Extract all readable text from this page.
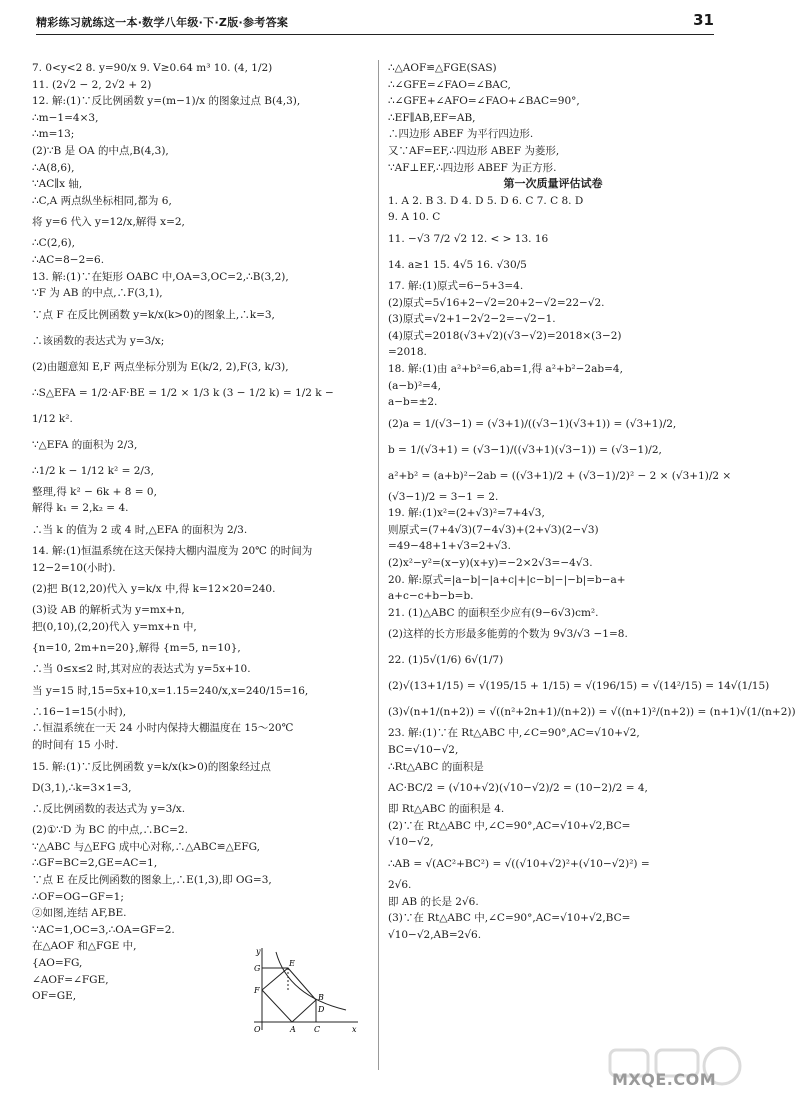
精彩练习就练这一本·数学八年级·下·Z版·参考答案	31
7. 0<y<2 8. y=90/x 9. V≥0.64 m³ 10. (4, 1/2)
11. (2√2 − 2, 2√2 + 2)
12. 解:(1)∵反比例函数 y=(m−1)/x 的图象过点 B(4,3),
∴m−1=4×3,
∴m=13;
(2)∵B 是 OA 的中点,B(4,3),
∴A(8,6),
∵AC∥x 轴,
∴C,A 两点纵坐标相同,都为 6,
将 y=6 代入 y=12/x,解得 x=2,
∴C(2,6),
∴AC=8−2=6.
13. 解:(1)∵在矩形 OABC 中,OA=3,OC=2,∴B(3,2),
∵F 为 AB 的中点,∴F(3,1),
∵点 F 在反比例函数 y=k/x(k>0)的图象上,∴k=3,
∴该函数的表达式为 y=3/x;
(2)由题意知 E,F 两点坐标分别为 E(k/2, 2),F(3, k/3),
∴S△EFA = 1/2·AF·BE = 1/2 × 1/3 k (3 − 1/2 k) = 1/2 k −
1/12 k².
∵△EFA 的面积为 2/3,
∴1/2 k − 1/12 k² = 2/3,
整理,得 k² − 6k + 8 = 0,
解得 k₁ = 2,k₂ = 4.
∴当 k 的值为 2 或 4 时,△EFA 的面积为 2/3.
14. 解:(1)恒温系统在这天保持大棚内温度为 20℃ 的时间为
12−2=10(小时).
(2)把 B(12,20)代入 y=k/x 中,得 k=12×20=240.
(3)设 AB 的解析式为 y=mx+n,
把(0,10),(2,20)代入 y=mx+n 中,
{n=10, 2m+n=20},解得 {m=5, n=10},
∴当 0≤x≤2 时,其对应的表达式为 y=5x+10.
当 y=15 时,15=5x+10,x=1.15=240/x,x=240/15=16,
∴16−1=15(小时),
∴恒温系统在一天 24 小时内保持大棚温度在 15～20℃
的时间有 15 小时.
15. 解:(1)∵反比例函数 y=k/x(k>0)的图象经过点
D(3,1),∴k=3×1=3,
∴反比例函数的表达式为 y=3/x.
(2)①∵D 为 BC 的中点,∴BC=2.
∵△ABC 与△EFG 成中心对称,∴△ABC≌△EFG,
∴GF=BC=2,GE=AC=1,
∵点 E 在反比例函数的图象上,∴E(1,3),即 OG=3,
∴OF=OG−GF=1;
②如图,连结 AF,BE.
∵AC=1,OC=3,∴OA=GF=2.
在△AOF 和△FGE 中,
{AO=FG,
∠AOF=∠FGE,
OF=GE,
y
x
O
G
E
F
B
D
A C
∴△AOF≌△FGE(SAS)
∴∠GFE=∠FAO=∠BAC,
∴∠GFE+∠AFO=∠FAO+∠BAC=90°,
∴EF∥AB,EF=AB,
∴四边形 ABEF 为平行四边形.
又∵AF=EF,∴四边形 ABEF 为菱形,
∵AF⊥EF,∴四边形 ABEF 为正方形.
第一次质量评估试卷
1. A 2. B 3. D 4. D 5. D 6. C 7. C 8. D
9. A 10. C
11. −√3 7/2 √2 12. < > 13. 16
14. a≥1 15. 4√5 16. √30/5
17. 解:(1)原式=6−5+3=4.
(2)原式=5√16+2−√2=20+2−√2=22−√2.
(3)原式=√2+1−2√2−2=−√2−1.
(4)原式=2018(√3+√2)(√3−√2)=2018×(3−2)
=2018.
18. 解:(1)由 a²+b²=6,ab=1,得 a²+b²−2ab=4,
(a−b)²=4,
a−b=±2.
(2)a = 1/(√3−1) = (√3+1)/((√3−1)(√3+1)) = (√3+1)/2,
b = 1/(√3+1) = (√3−1)/((√3+1)(√3−1)) = (√3−1)/2,
a²+b² = (a+b)²−2ab = ((√3+1)/2 + (√3−1)/2)² − 2 × (√3+1)/2 ×
(√3−1)/2 = 3−1 = 2.
19. 解:(1)x²=(2+√3)²=7+4√3,
则原式=(7+4√3)(7−4√3)+(2+√3)(2−√3)
=49−48+1+√3=2+√3.
(2)x²−y²=(x−y)(x+y)=−2×2√3=−4√3.
20. 解:原式=|a−b|−|a+c|+|c−b|−|−b|=b−a+
a+c−c+b−b=b.
21. (1)△ABC 的面积至少应有(9−6√3)cm².
(2)这样的长方形最多能剪的个数为 9√3/√3 −1=8.
22. (1)5√(1/6) 6√(1/7)
(2)√(13+1/15) = √(195/15 + 1/15) = √(196/15) = √(14²/15) = 14√(1/15)
(3)√(n+1/(n+2)) = √((n²+2n+1)/(n+2)) = √((n+1)²/(n+2)) = (n+1)√(1/(n+2))
23. 解:(1)∵在 Rt△ABC 中,∠C=90°,AC=√10+√2,
BC=√10−√2,
∴Rt△ABC 的面积是
AC·BC/2 = (√10+√2)(√10−√2)/2 = (10−2)/2 = 4,
即 Rt△ABC 的面积是 4.
(2)∵在 Rt△ABC 中,∠C=90°,AC=√10+√2,BC=
√10−√2,
∴AB = √(AC²+BC²) = √((√10+√2)²+(√10−√2)²) =
2√6.
即 AB 的长是 2√6.
(3)∵在 Rt△ABC 中,∠C=90°,AC=√10+√2,BC=
√10−√2,AB=2√6.
MXQE.COM
